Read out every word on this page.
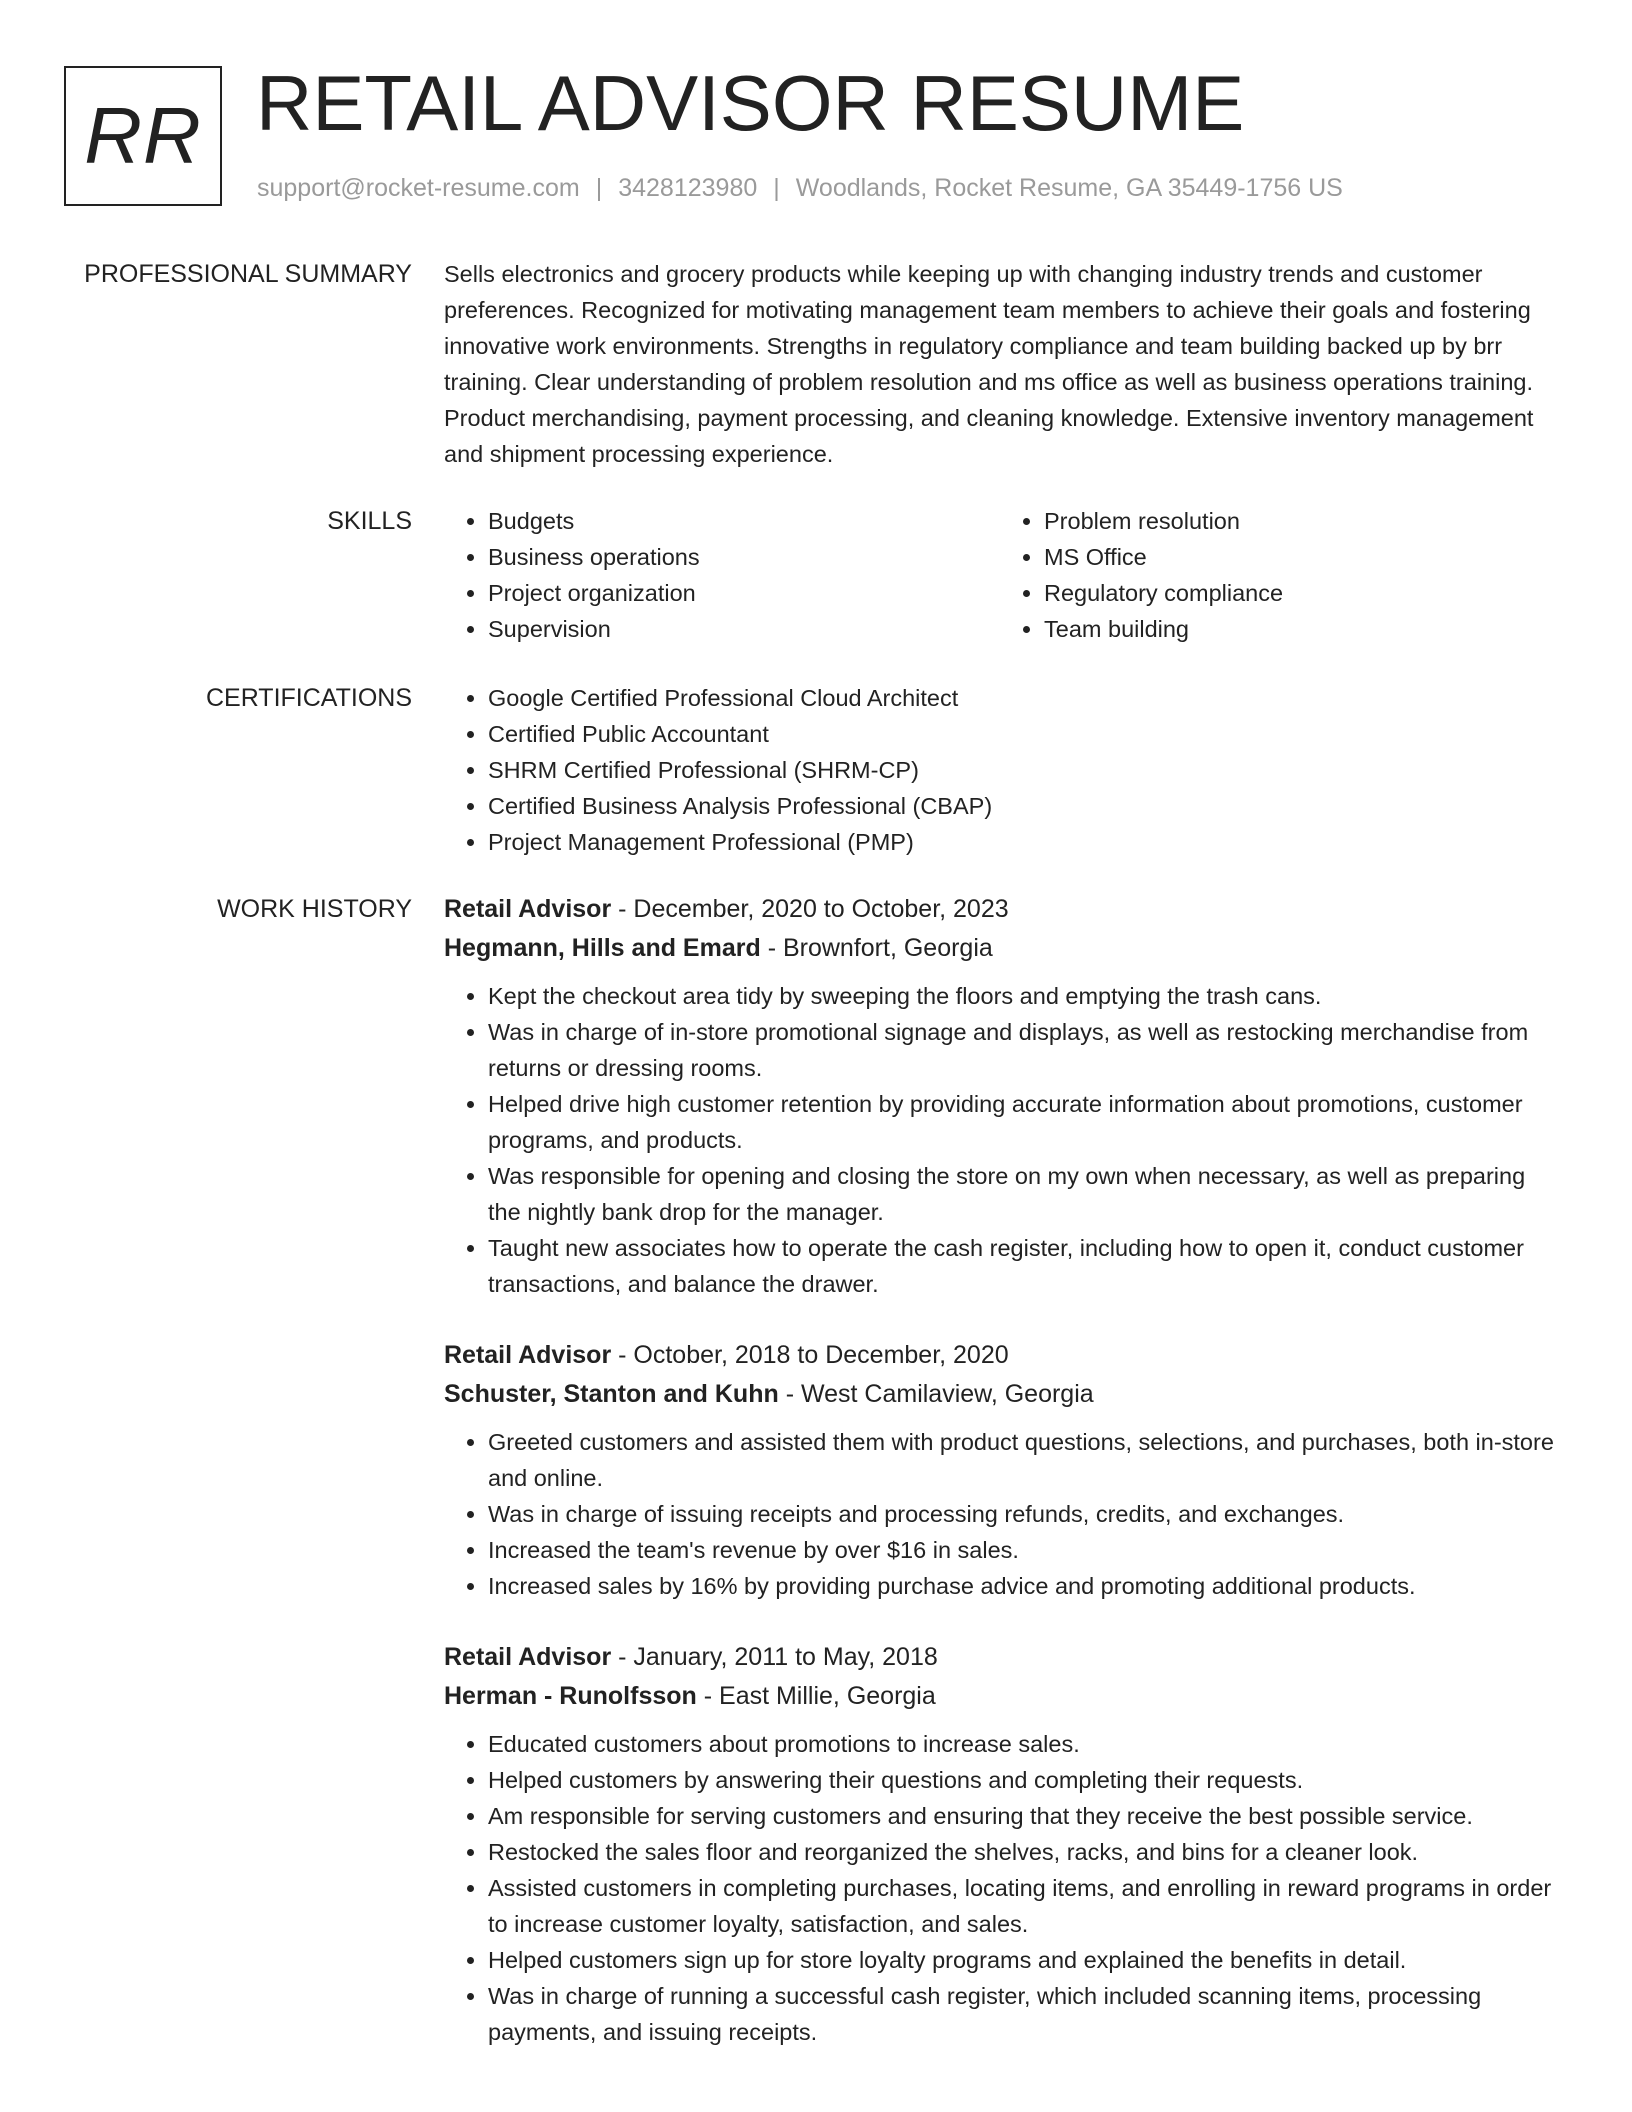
RR RETAIL ADVISOR RESUME
support@rocket-resume.com | 3428123980 | Woodlands, Rocket Resume, GA 35449-1756 US
PROFESSIONAL SUMMARY Sells electronics and grocery products while keeping up with changing industry trends and customer preferences. Recognized for motivating management team members to achieve their goals and fostering innovative work environments. Strengths in regulatory compliance and team building backed up by brr training. Clear understanding of problem resolution and ms office as well as business operations training. Product merchandising, payment processing, and cleaning knowledge. Extensive inventory management and shipment processing experience.

SKILLS	• Budgets
• Business operations
• Project organization
• Supervision
• Problem resolution
• MS Office
• Regulatory compliance
• Team building
CERTIFICATIONS	• Google Certified Professional Cloud Architect
• Certified Public Accountant
• SHRM Certified Professional (SHRM-CP)
• Certified Business Analysis Professional (CBAP)
• Project Management Professional (PMP)
WORK HISTORY Retail Advisor - December, 2020 to October, 2023
Hegmann, Hills and Emard - Brownfort, Georgia
• Kept the checkout area tidy by sweeping the floors and emptying the trash cans.
• Was in charge of in-store promotional signage and displays, as well as restocking merchandise from returns or dressing rooms.
• Helped drive high customer retention by providing accurate information about promotions, customer programs, and products.
• Was responsible for opening and closing the store on my own when necessary, as well as preparing the nightly bank drop for the manager.
• Taught new associates how to operate the cash register, including how to open it, conduct customer transactions, and balance the drawer.
Retail Advisor - October, 2018 to December, 2020
Schuster, Stanton and Kuhn - West Camilaview, Georgia
• Greeted customers and assisted them with product questions, selections, and purchases, both in-store and online.
• Was in charge of issuing receipts and processing refunds, credits, and exchanges.
• Increased the team's revenue by over $16 in sales.
• Increased sales by 16% by providing purchase advice and promoting additional products.
Retail Advisor - January, 2011 to May, 2018
Herman - Runolfsson - East Millie, Georgia
• Educated customers about promotions to increase sales.
• Helped customers by answering their questions and completing their requests.
• Am responsible for serving customers and ensuring that they receive the best possible service.
• Restocked the sales floor and reorganized the shelves, racks, and bins for a cleaner look.
• Assisted customers in completing purchases, locating items, and enrolling in reward programs in order to increase customer loyalty, satisfaction, and sales.
• Helped customers sign up for store loyalty programs and explained the benefits in detail.
• Was in charge of running a successful cash register, which included scanning items, processing payments, and issuing receipts.
